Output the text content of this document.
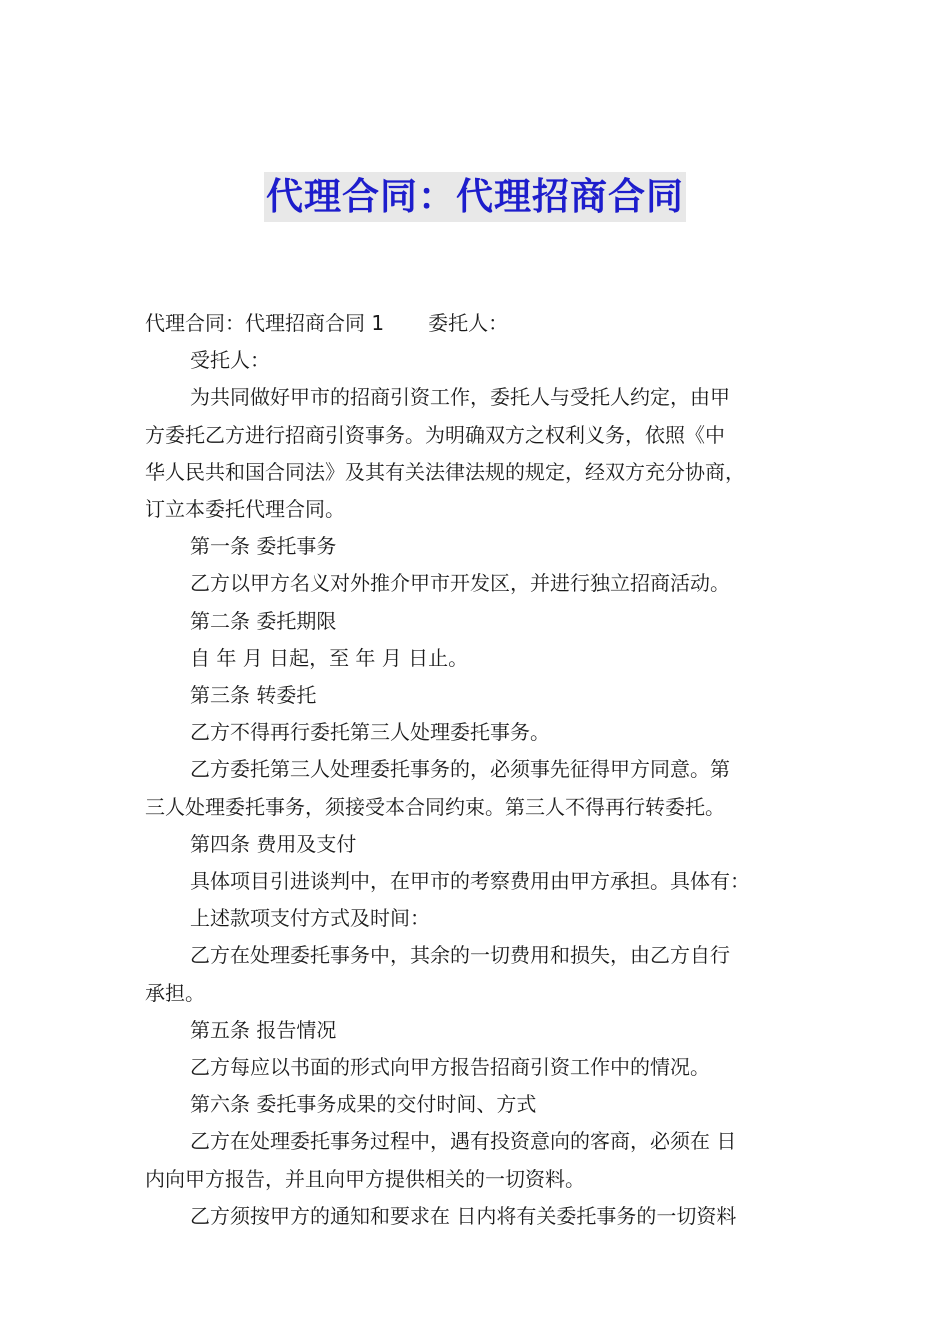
代理合同：代理招商合同

代理合同：代理招商合同 1 委托人：

受托人：

为共同做好甲市的招商引资工作，委托人与受托人约定，由甲

方委托乙方进行招商引资事务。为明确双方之权利义务，依照《中

华人民共和国合同法》及其有关法律法规的规定，经双方充分协商，

订立本委托代理合同。

第一条 委托事务

乙方以甲方名义对外推介甲市开发区，并进行独立招商活动。

第二条 委托期限

自 年 月 日起，至 年 月 日止。

第三条 转委托

乙方不得再行委托第三人处理委托事务。

乙方委托第三人处理委托事务的，必须事先征得甲方同意。第

三人处理委托事务，须接受本合同约束。第三人不得再行转委托。

第四条 费用及支付

具体项目引进谈判中，在甲市的考察费用由甲方承担。具体有：

上述款项支付方式及时间：

乙方在处理委托事务中，其余的一切费用和损失，由乙方自行

承担。

第五条 报告情况

乙方每应以书面的形式向甲方报告招商引资工作中的情况。

第六条 委托事务成果的交付时间、方式

乙方在处理委托事务过程中，遇有投资意向的客商，必须在 日

内向甲方报告，并且向甲方提供相关的一切资料。

乙方须按甲方的通知和要求在 日内将有关委托事务的一切资料
